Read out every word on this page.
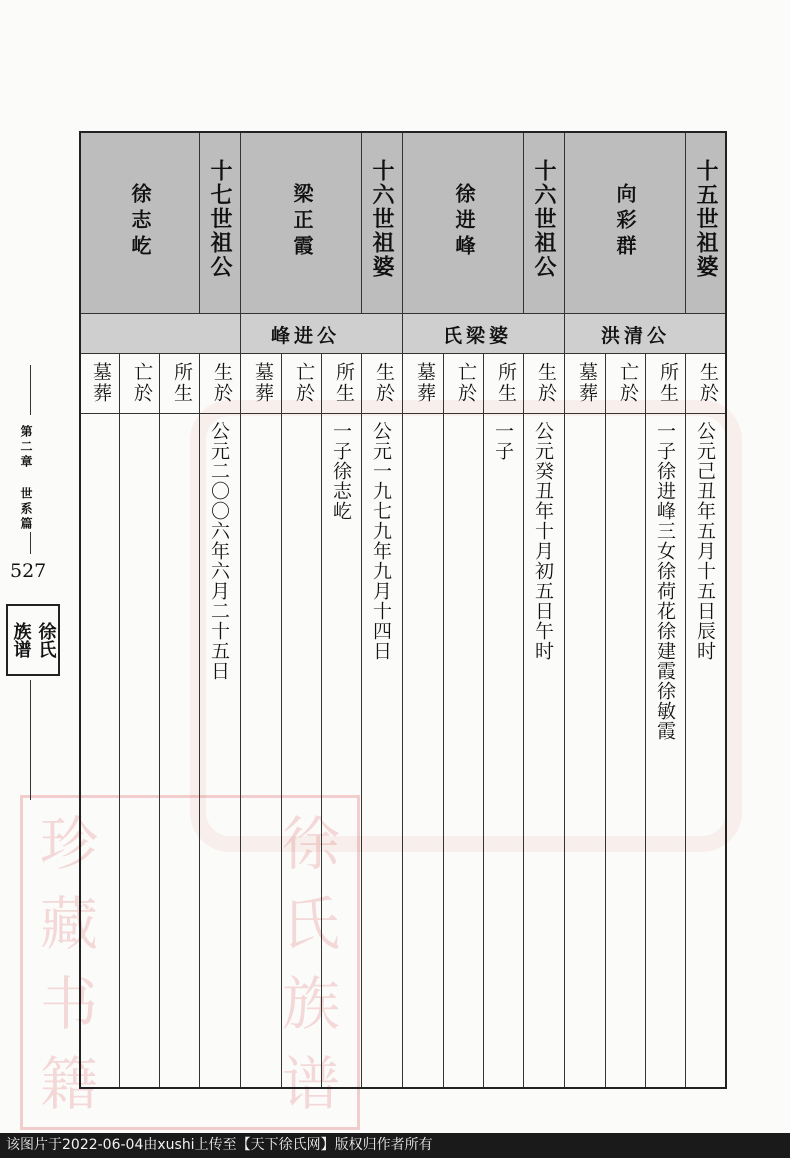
徐
氏
族
谱
珍
藏
书
籍
第二章 世系篇
527
徐氏
族谱
十五世祖婆
向彩群
洪清公
生於
所生
亡於
墓葬
公元己丑年五月十五日辰时
一子徐进峰三女徐荷花徐建霞徐敏霞
十六世祖公
徐进峰
氏梁婆
生於
所生
亡於
墓葬
公元癸丑年十月初五日午时
一子
十六世祖婆
梁正霞
峰进公
生於
所生
亡於
墓葬
公元一九七九年九月十四日
一子徐志屹
十七世祖公
徐志屹
生於
所生
亡於
墓葬
公元二〇〇六年六月二十五日
该图片于2022-06-04由xushi上传至【天下徐氏网】版权归作者所有
